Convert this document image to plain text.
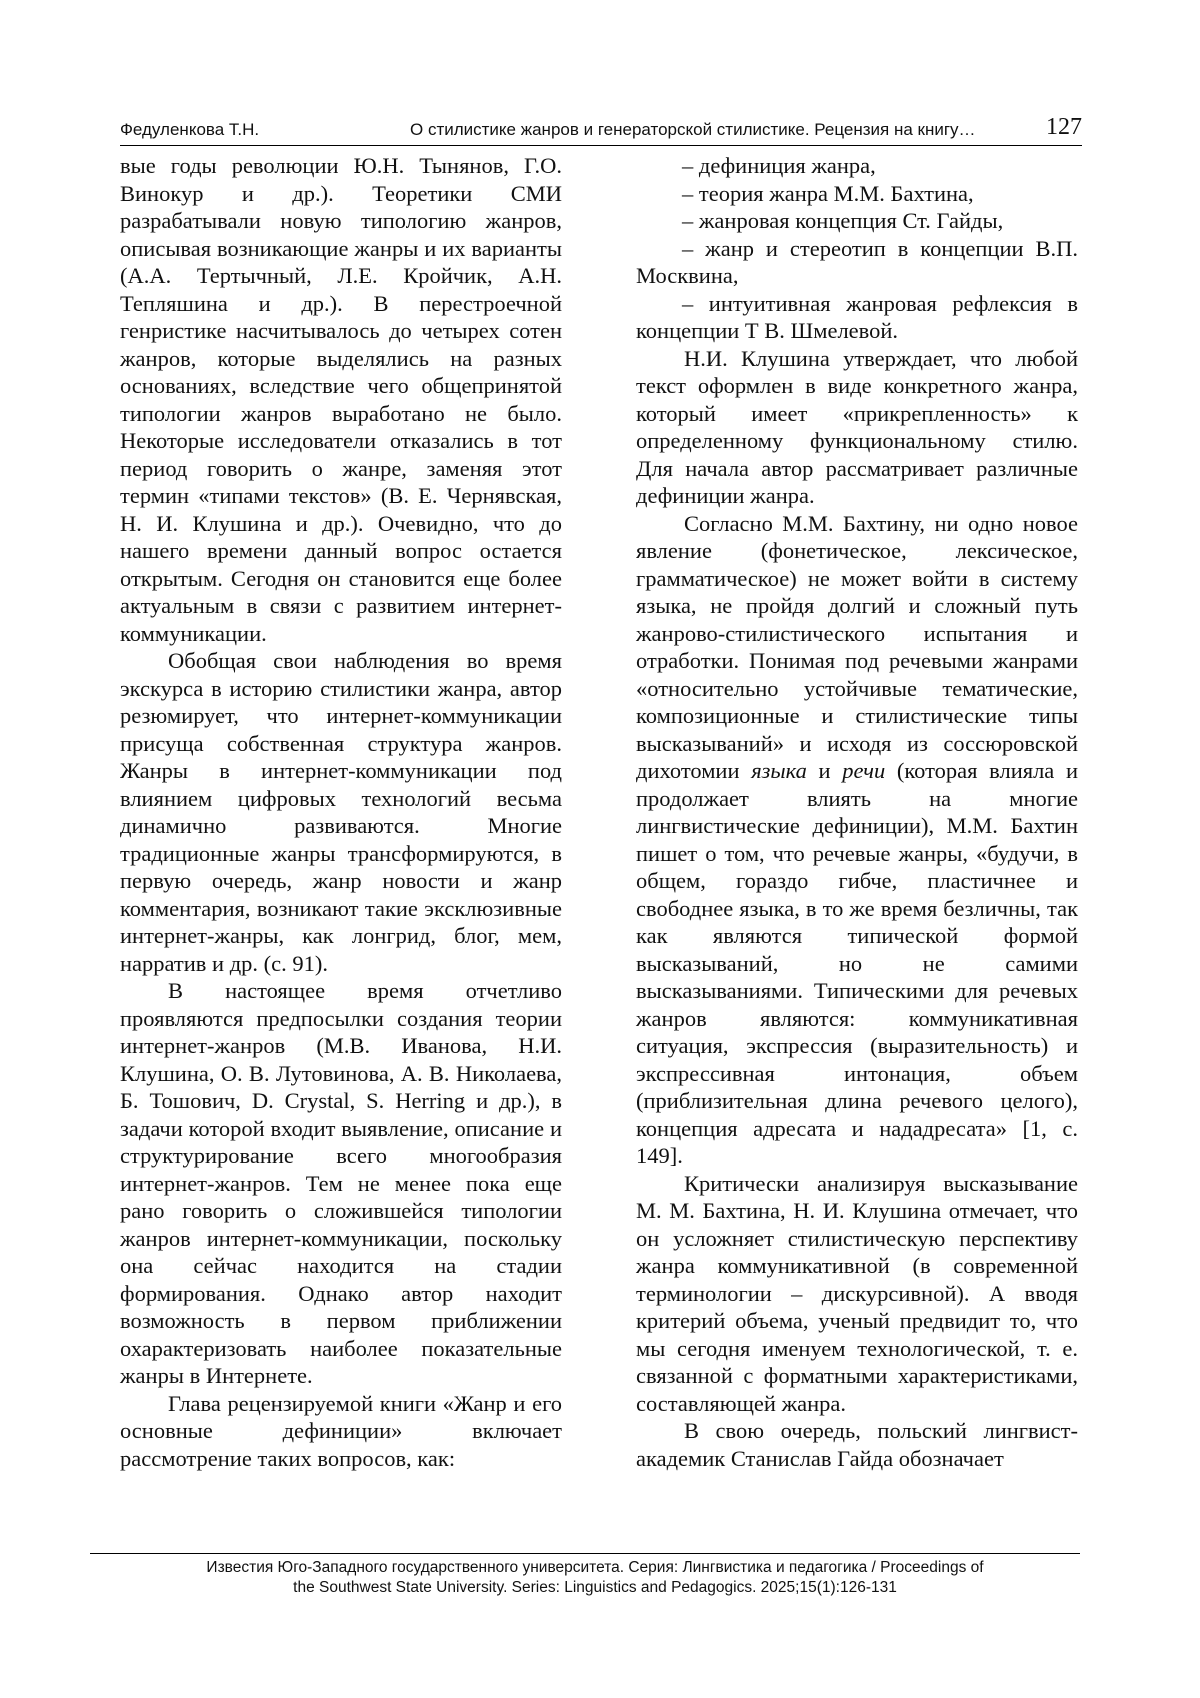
Федуленкова Т.Н.	О стилистике жанров и генераторской стилистике. Рецензия на книгу…	127

вые годы революции Ю.Н. Тынянов, Г.О. Винокур и др.). Теоретики СМИ разрабатывали новую типологию жанров, описывая возникающие жанры и их варианты (А.А. Тертычный, Л.Е. Кройчик, А.Н. Тепляшина и др.). В перестроечной генристике насчитывалось до четырех сотен жанров, которые выделялись на разных основаниях, вследствие чего общепринятой типологии жанров выработано не было. Некоторые исследователи отказались в тот период говорить о жанре, заменяя этот термин «типами текстов» (В. Е. Чернявская, Н. И. Клушина и др.). Очевидно, что до нашего времени данный вопрос остается открытым. Сегодня он становится еще более актуальным в связи с развитием интернет-коммуникации.

Обобщая свои наблюдения во время экскурса в историю стилистики жанра, автор резюмирует, что интернет-коммуникации присуща собственная структура жанров. Жанры в интернет-коммуникации под влиянием цифровых технологий весьма динамично развиваются. Многие традиционные жанры трансформируются, в первую очередь, жанр новости и жанр комментария, возникают такие эксклюзивные интернет-жанры, как лонгрид, блог, мем, нарратив и др. (с. 91).

В настоящее время отчетливо проявляются предпосылки создания теории интернет-жанров (М.В. Иванова, Н.И. Клушина, О. В. Лутовинова, А. В. Николаева, Б. Тошович, D. Crystal, S. Herring и др.), в задачи которой входит выявление, описание и структурирование всего многообразия интернет-жанров. Тем не менее пока еще рано говорить о сложившейся типологии жанров интернет-коммуникации, поскольку она сейчас находится на стадии формирования. Однако автор находит возможность в первом приближении охарактеризовать наиболее показательные жанры в Интернете.

Глава рецензируемой книги «Жанр и его основные дефиниции» включает рассмотрение таких вопросов, как:

– дефиниция жанра,

– теория жанра М.М. Бахтина,

– жанровая концепция Ст. Гайды,

– жанр и стереотип в концепции В.П. Москвина,

– интуитивная жанровая рефлексия в концепции Т В. Шмелевой.

Н.И. Клушина утверждает, что любой текст оформлен в виде конкретного жанра, который имеет «прикрепленность» к определенному функциональному стилю. Для начала автор рассматривает различные дефиниции жанра.

Согласно М.М. Бахтину, ни одно новое явление (фонетическое, лексическое, грамматическое) не может войти в систему языка, не пройдя долгий и сложный путь жанрово-стилистического испытания и отработки. Понимая под речевыми жанрами «относительно устойчивые тематические, композиционные и стилистические типы высказываний» и исходя из соссюровской дихотомии языка и речи (которая влияла и продолжает влиять на многие лингвистические дефиниции), М.М. Бахтин пишет о том, что речевые жанры, «будучи, в общем, гораздо гибче, пластичнее и свободнее языка, в то же время безличны, так как являются типической формой высказываний, но не самими высказываниями. Типическими для речевых жанров являются: коммуникативная ситуация, экспрессия (выразительность) и экспрессивная интонация, объем (приблизительная длина речевого целого), концепция адресата и нададресата» [1, с. 149].

Критически анализируя высказывание М. М. Бахтина, Н. И. Клушина отмечает, что он усложняет стилистическую перспективу жанра коммуникативной (в современной терминологии – дискурсивной). А вводя критерий объема, ученый предвидит то, что мы сегодня именуем технологической, т. е. связанной с форматными характеристиками, составляющей жанра.

В свою очередь, польский лингвист-академик Станислав Гайда обозначает

Известия Юго-Западного государственного университета. Серия: Лингвистика и педагогика / Proceedings of
the Southwest State University. Series: Linguistics and Pedagogics. 2025;15(1):126-131
